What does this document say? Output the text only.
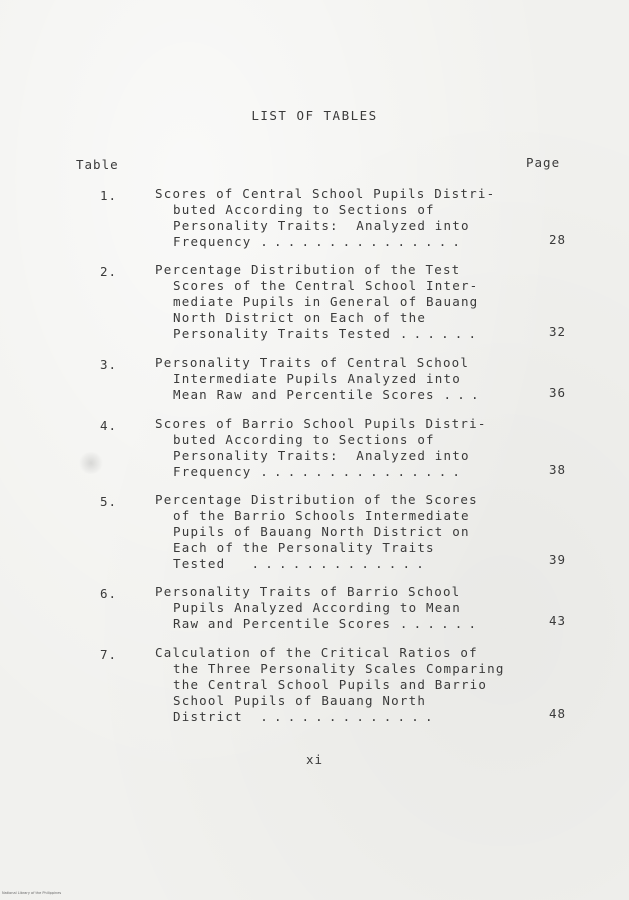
LIST OF TABLES
Table	Page
1.	Scores of Central School Pupils Distri-
buted According to Sections of
Personality Traits:  Analyzed into
Frequency ...............	28
2.	Percentage Distribution of the Test
Scores of the Central School Inter-
mediate Pupils in General of Bauang
North District on Each of the
Personality Traits Tested ......	32
3.	Personality Traits of Central School
Intermediate Pupils Analyzed into
Mean Raw and Percentile Scores ...	36
4.	Scores of Barrio School Pupils Distri-
buted According to Sections of
Personality Traits:  Analyzed into
Frequency ...............	38
5.	Percentage Distribution of the Scores
of the Barrio Schools Intermediate
Pupils of Bauang North District on
Each of the Personality Traits
Tested .............	39
6.	Personality Traits of Barrio School
Pupils Analyzed According to Mean
Raw and Percentile Scores ......	43
7.	Calculation of the Critical Ratios of
the Three Personality Scales Comparing
the Central School Pupils and Barrio
School Pupils of Bauang North
District .............	48
xi
National Library of the Philippines
